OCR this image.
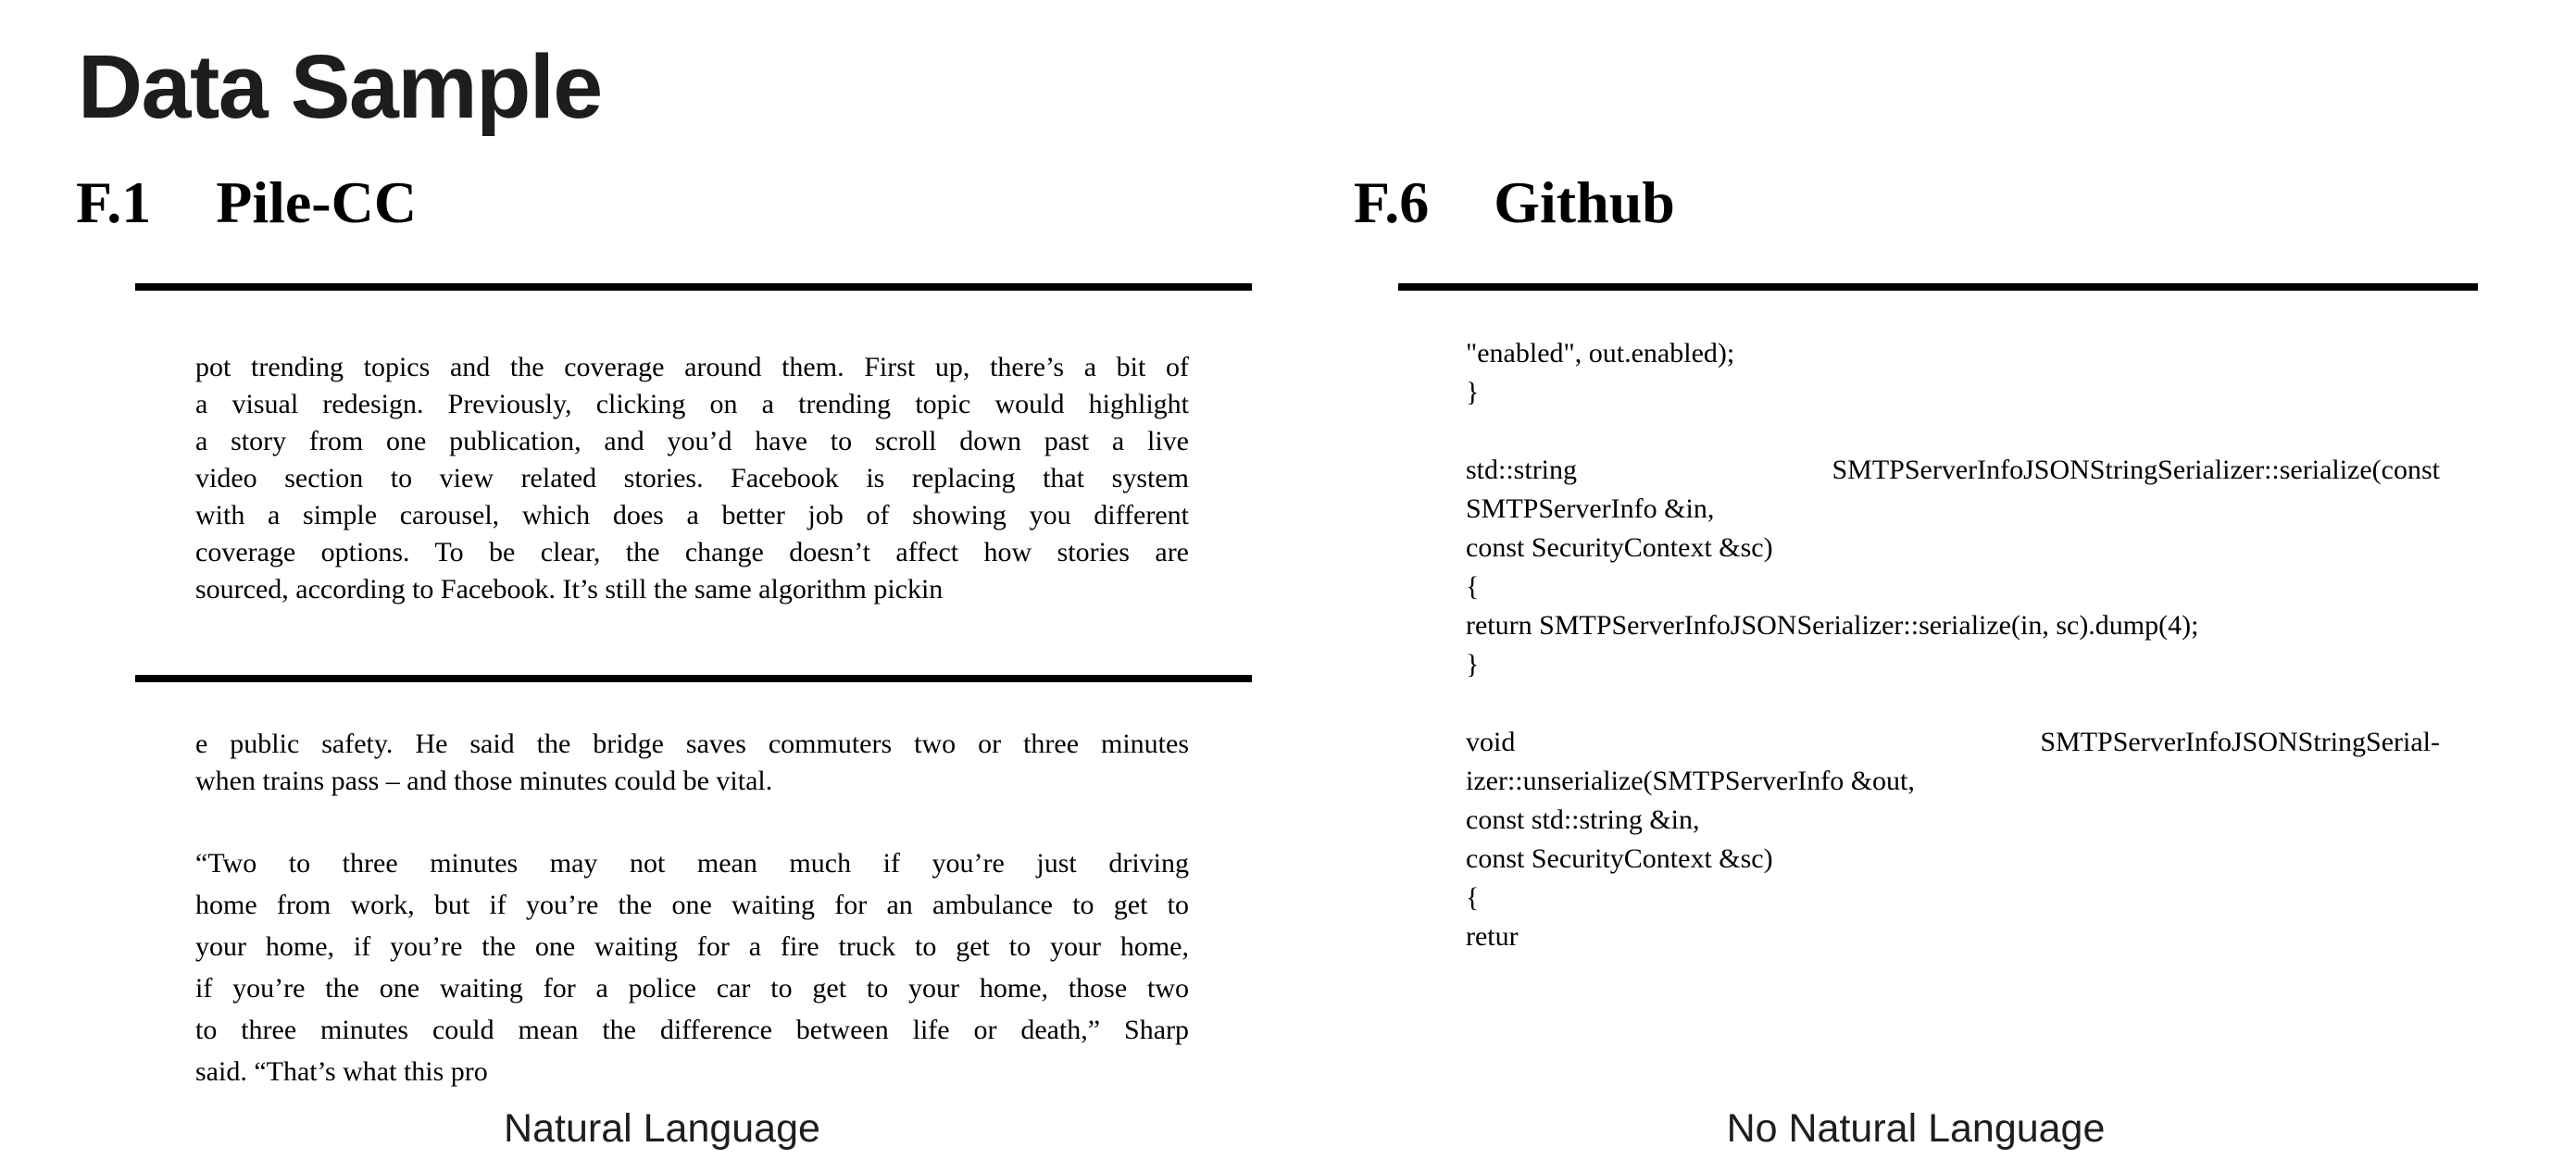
Data Sample
F.1 Pile-CC	F.6 Github
pot trending topics and the coverage around them. First up, there’s a bit of
a visual redesign. Previously, clicking on a trending topic would highlight
a story from one publication, and you’d have to scroll down past a live
video section to view related stories. Facebook is replacing that system
with a simple carousel, which does a better job of showing you different
coverage options. To be clear, the change doesn’t affect how stories are
sourced, according to Facebook. It’s still the same algorithm pickin
e public safety. He said the bridge saves commuters two or three minutes
when trains pass – and those minutes could be vital.
“Two to three minutes may not mean much if you’re just driving
home from work, but if you’re the one waiting for an ambulance to get to
your home, if you’re the one waiting for a fire truck to get to your home,
if you’re the one waiting for a police car to get to your home, those two
to three minutes could mean the difference between life or death,” Sharp
said. “That’s what this pro
Natural Language
"enabled", out.enabled);
}
std::string	SMTPServerInfoJSONStringSerializer::serialize(const
SMTPServerInfo &in,
const SecurityContext &sc)
{
return SMTPServerInfoJSONSerializer::serialize(in, sc).dump(4);
}
void	SMTPServerInfoJSONStringSerial-
izer::unserialize(SMTPServerInfo &out,
const std::string &in,
const SecurityContext &sc)
{
retur
No Natural Language
